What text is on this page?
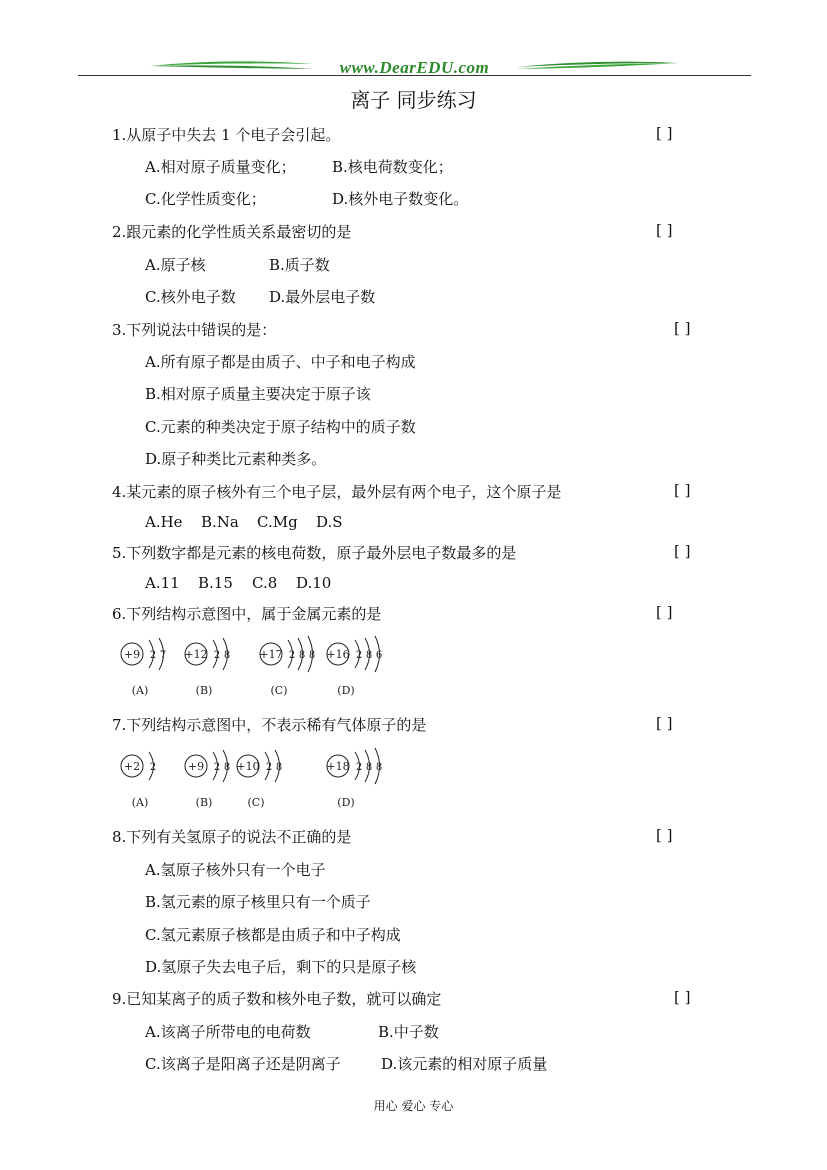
www.DearEDU.com
离子 同步练习
1.从原子中失去 1 个电子会引起。	[ ]
A.相对原子质量变化； B.核电荷数变化；
C.化学性质变化；	D.核外电子数变化。
2.跟元素的化学性质关系最密切的是	[ ]
A.原子核	B.质子数
C.核外电子数 D.最外层电子数
3.下列说法中错误的是：	[ ]
A.所有原子都是由质子、中子和电子构成
B.相对原子质量主要决定于原子该
C.元素的种类决定于原子结构中的质子数
D.原子种类比元素种类多。
4.某元素的原子核外有三个电子层，最外层有两个电子，这个原子是	[ ]
A.He B.Na C.Mg D.S
5.下列数字都是元素的核电荷数，原子最外层电子数最多的是	[ ]
A.11 B.15 C.8 D.10
6.下列结构示意图中，属于金属元素的是	[ ]
+9 2 7
(A)
+12 2 8
(B)
+17 2 8 8
(C)
+16 2 8 6
(D)
7.下列结构示意图中，不表示稀有气体原子的是	[ ]
+2 2
(A)
+9 2 8
(B)
+10 2 8
(C)
+18 2 8 8
(D)
8.下列有关氢原子的说法不正确的是	[ ]
A.氢原子核外只有一个电子
B.氢元素的原子核里只有一个质子
C.氢元素原子核都是由质子和中子构成
D.氢原子失去电子后，剩下的只是原子核
9.已知某离子的质子数和核外电子数，就可以确定	[ ]
A.该离子所带电的电荷数	B.中子数
C.该离子是阳离子还是阴离子	D.该元素的相对原子质量
用心 爱心 专心
